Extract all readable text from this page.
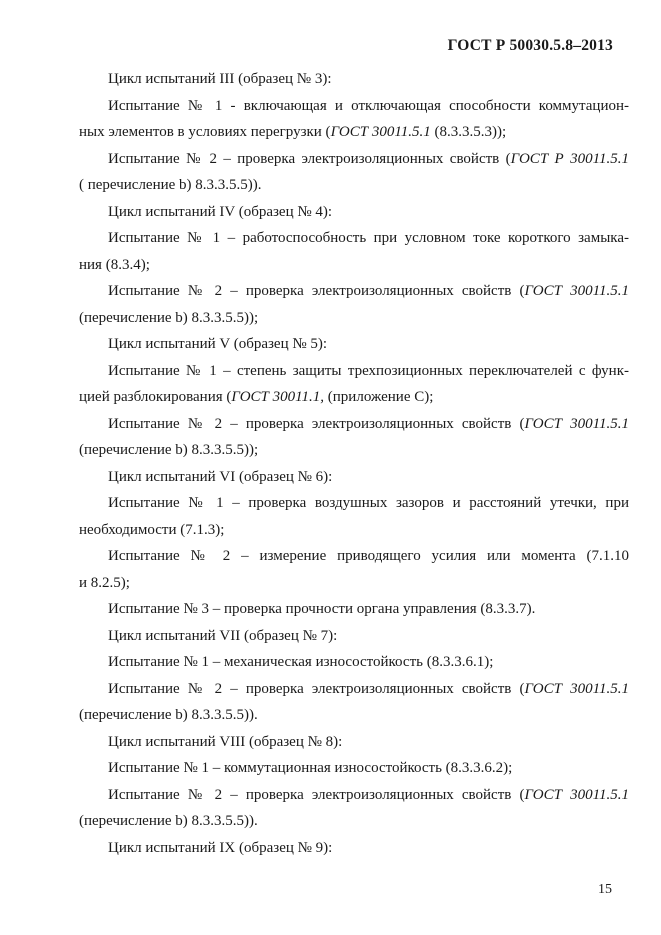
ГОСТ Р 50030.5.8–2013
Цикл испытаний III (образец № 3):
Испытание № 1 - включающая и отключающая способности коммутацион-
ных элементов в условиях перегрузки (ГОСТ 30011.5.1 (8.3.3.5.3));
Испытание № 2 – проверка электроизоляционных свойств (ГОСТ Р 30011.5.1
( перечисление b) 8.3.3.5.5)).
Цикл испытаний IV (образец № 4):
Испытание № 1 – работоспособность при условном токе короткого замыка-
ния (8.3.4);
Испытание № 2 – проверка электроизоляционных свойств (ГОСТ 30011.5.1
(перечисление b) 8.3.3.5.5));
Цикл испытаний V (образец № 5):
Испытание № 1 – степень защиты трехпозиционных переключателей с функ-
цией разблокирования (ГОСТ 30011.1, (приложение С);
Испытание № 2 – проверка электроизоляционных свойств (ГОСТ 30011.5.1
(перечисление b) 8.3.3.5.5));
Цикл испытаний VI (образец № 6):
Испытание № 1 – проверка воздушных зазоров и расстояний утечки, при
необходимости (7.1.3);
Испытание № 2 – измерение приводящего усилия или момента (7.1.10
и 8.2.5);
Испытание № 3 – проверка прочности органа управления (8.3.3.7).
Цикл испытаний VII (образец № 7):
Испытание № 1 – механическая износостойкость (8.3.3.6.1);
Испытание № 2 – проверка электроизоляционных свойств (ГОСТ 30011.5.1
(перечисление b) 8.3.3.5.5)).
Цикл испытаний VIII (образец № 8):
Испытание № 1 – коммутационная износостойкость (8.3.3.6.2);
Испытание № 2 – проверка электроизоляционных свойств (ГОСТ 30011.5.1
(перечисление b) 8.3.3.5.5)).
Цикл испытаний IX (образец № 9):
15
